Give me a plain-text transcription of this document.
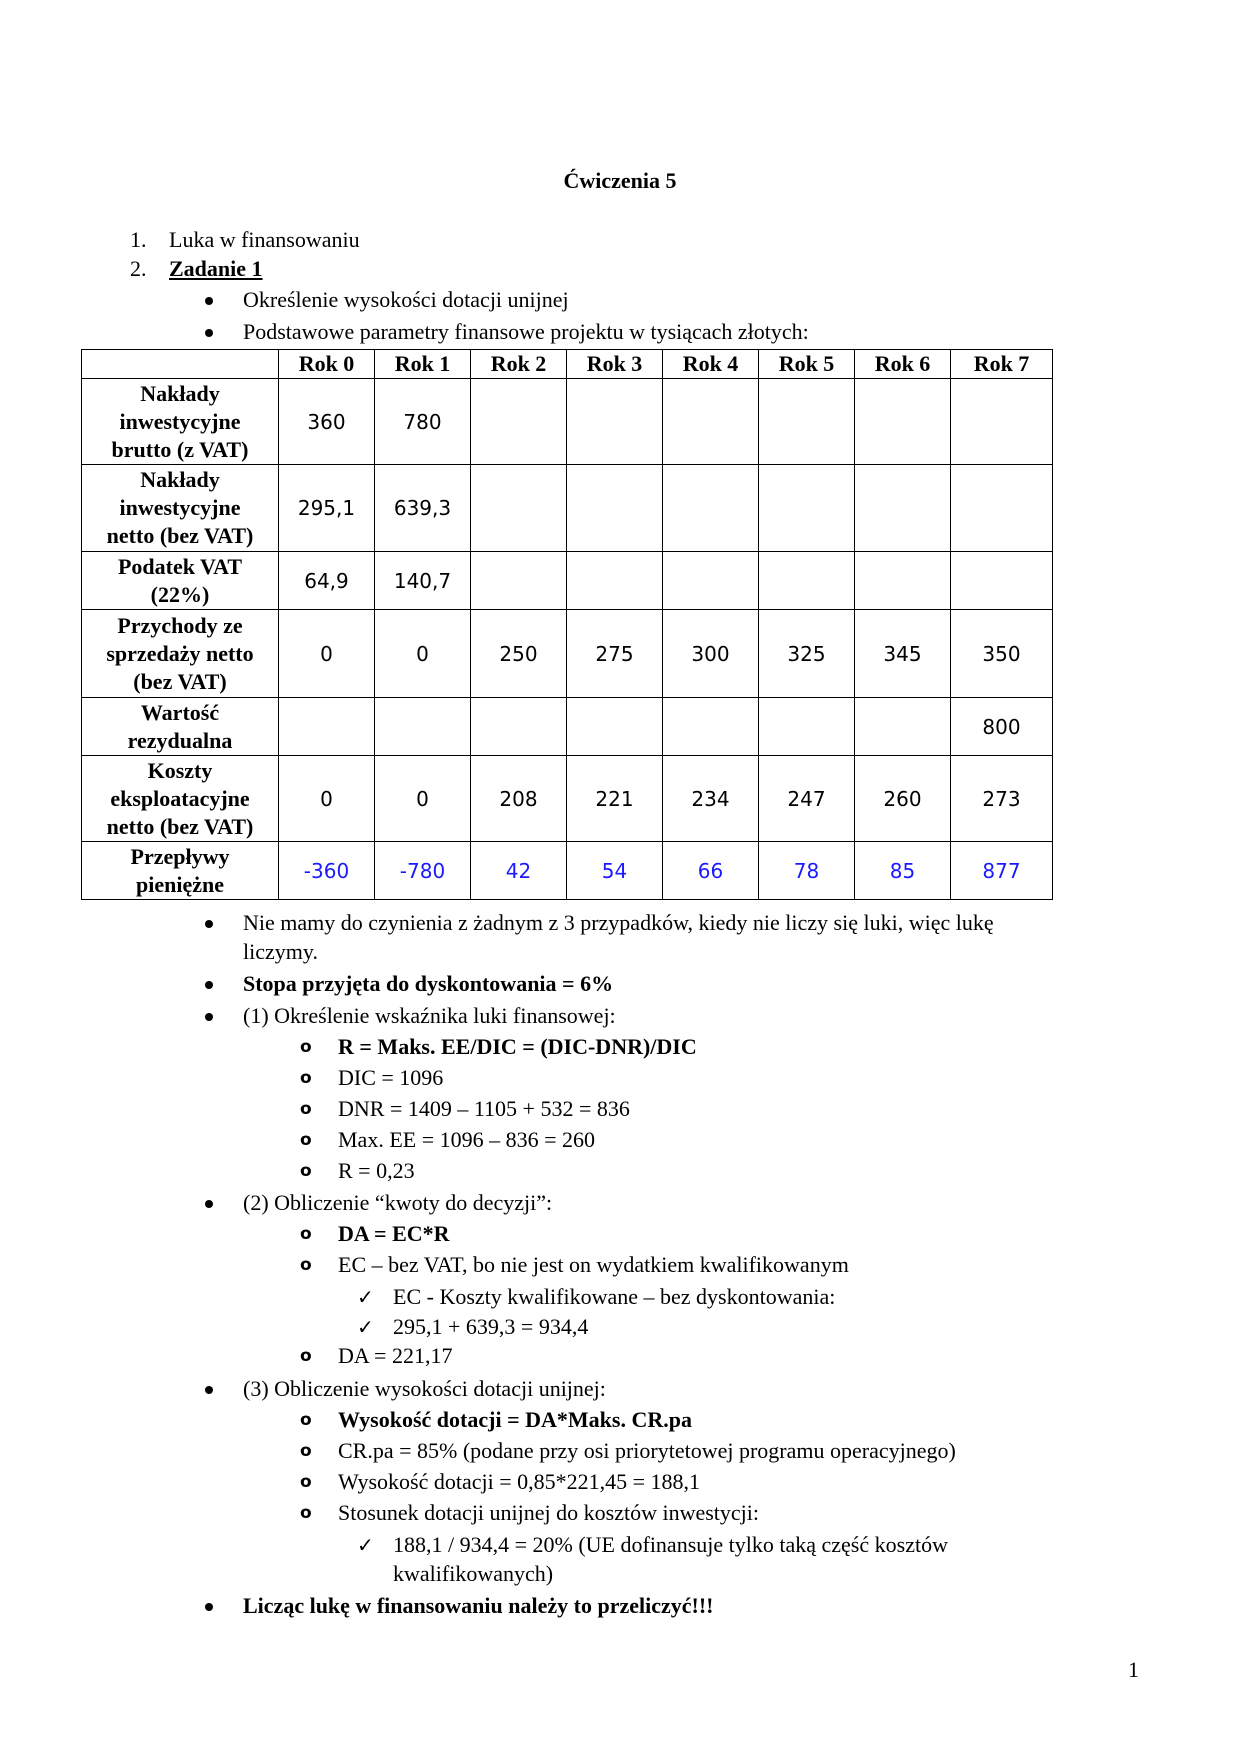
Ćwiczenia 5
1. Luka w finansowaniu
2. Zadanie 1
Określenie wysokości dotacji unijnej
Podstawowe parametry finansowe projektu w tysiącach złotych:
	Rok 0	Rok 1	Rok 2	Rok 3	Rok 4	Rok 5	Rok 6	Rok 7

Nakłady
inwestycyjne
brutto (z VAT)	360	780						

Nakłady
inwestycyjne
netto (bez VAT)	295,1	639,3						

Podatek VAT
(22%)	64,9	140,7						

Przychody ze
sprzedaży netto
(bez VAT)	0	0	250	275	300	325	345	350

Wartość
rezydualna								800

Koszty
eksploatacyjne
netto (bez VAT)	0	0	208	221	234	247	260	273

Przepływy
pieniężne	-360	-780	42	54	66	78	85	877
Nie mamy do czynienia z żadnym z 3 przypadków, kiedy nie liczy się luki, więc lukę
liczymy.
Stopa przyjęta do dyskontowania = 6%
(1) Określenie wskaźnika luki finansowej:
o R = Maks. EE/DIC = (DIC-DNR)/DIC
o DIC = 1096
o DNR = 1409 – 1105 + 532 = 836
o Max. EE = 1096 – 836 = 260
o R = 0,23
(2) Obliczenie “kwoty do decyzji”:
o DA = EC*R
o EC – bez VAT, bo nie jest on wydatkiem kwalifikowanym
✓ EC - Koszty kwalifikowane – bez dyskontowania:
✓ 295,1 + 639,3 = 934,4
o DA = 221,17
(3) Obliczenie wysokości dotacji unijnej:
o Wysokość dotacji = DA*Maks. CR.pa
o CR.pa = 85% (podane przy osi priorytetowej programu operacyjnego)
o Wysokość dotacji = 0,85*221,45 = 188,1
o Stosunek dotacji unijnej do kosztów inwestycji:
✓ 188,1 / 934,4 = 20% (UE dofinansuje tylko taką część kosztów
kwalifikowanych)
Licząc lukę w finansowaniu należy to przeliczyć!!!
1
